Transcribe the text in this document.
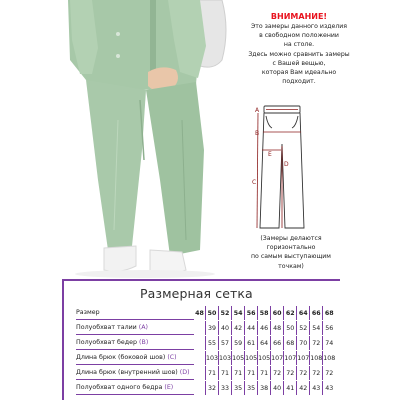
ВНИМАНИЕ!
Это замеры данного изделия
в свободном положении
на столе.
Здесь можно сравнить замеры
с Вашей вещью,
которая Вам идеально
подходит.
A
B
C
D
E
(Замеры делаются
горизонтально
по самым выступающим
точкам)
Размерная сетка
Размер	48	50	52	54	56	58	60	62	64	66	68
Полуобхват талии (A)		39	40	42	44	46	48	50	52	54	56
Полуобхват бедер (B)		55	57	59	61	64	66	68	70	72	74
Длина брюк (боковой шов) (C)		103	103	105	105	105	107	107	107	108	108
Длина брюк (внутренний шов) (D)		71	71	71	71	71	72	72	72	72	72
Полуобхват одного бедра (E)		32	33	35	35	38	40	41	42	43	43
